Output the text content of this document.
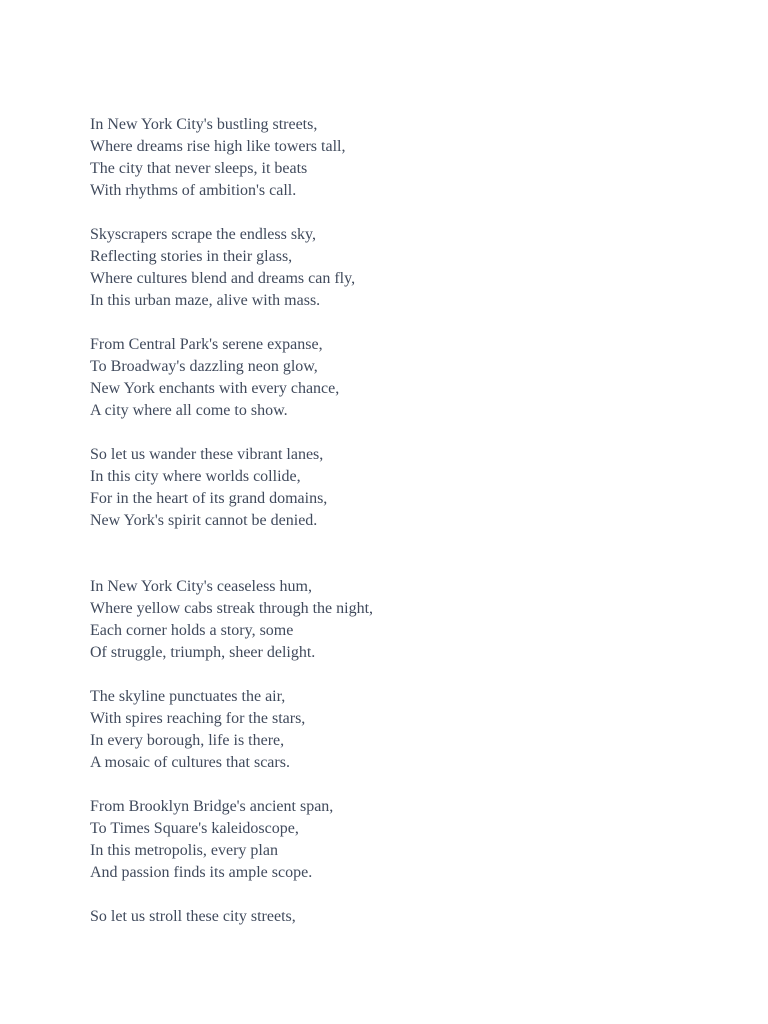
In New York City's bustling streets,
Where dreams rise high like towers tall,
The city that never sleeps, it beats
With rhythms of ambition's call.
Skyscrapers scrape the endless sky,
Reflecting stories in their glass,
Where cultures blend and dreams can fly,
In this urban maze, alive with mass.
From Central Park's serene expanse,
To Broadway's dazzling neon glow,
New York enchants with every chance,
A city where all come to show.
So let us wander these vibrant lanes,
In this city where worlds collide,
For in the heart of its grand domains,
New York's spirit cannot be denied.
In New York City's ceaseless hum,
Where yellow cabs streak through the night,
Each corner holds a story, some
Of struggle, triumph, sheer delight.
The skyline punctuates the air,
With spires reaching for the stars,
In every borough, life is there,
A mosaic of cultures that scars.
From Brooklyn Bridge's ancient span,
To Times Square's kaleidoscope,
In this metropolis, every plan
And passion finds its ample scope.
So let us stroll these city streets,
